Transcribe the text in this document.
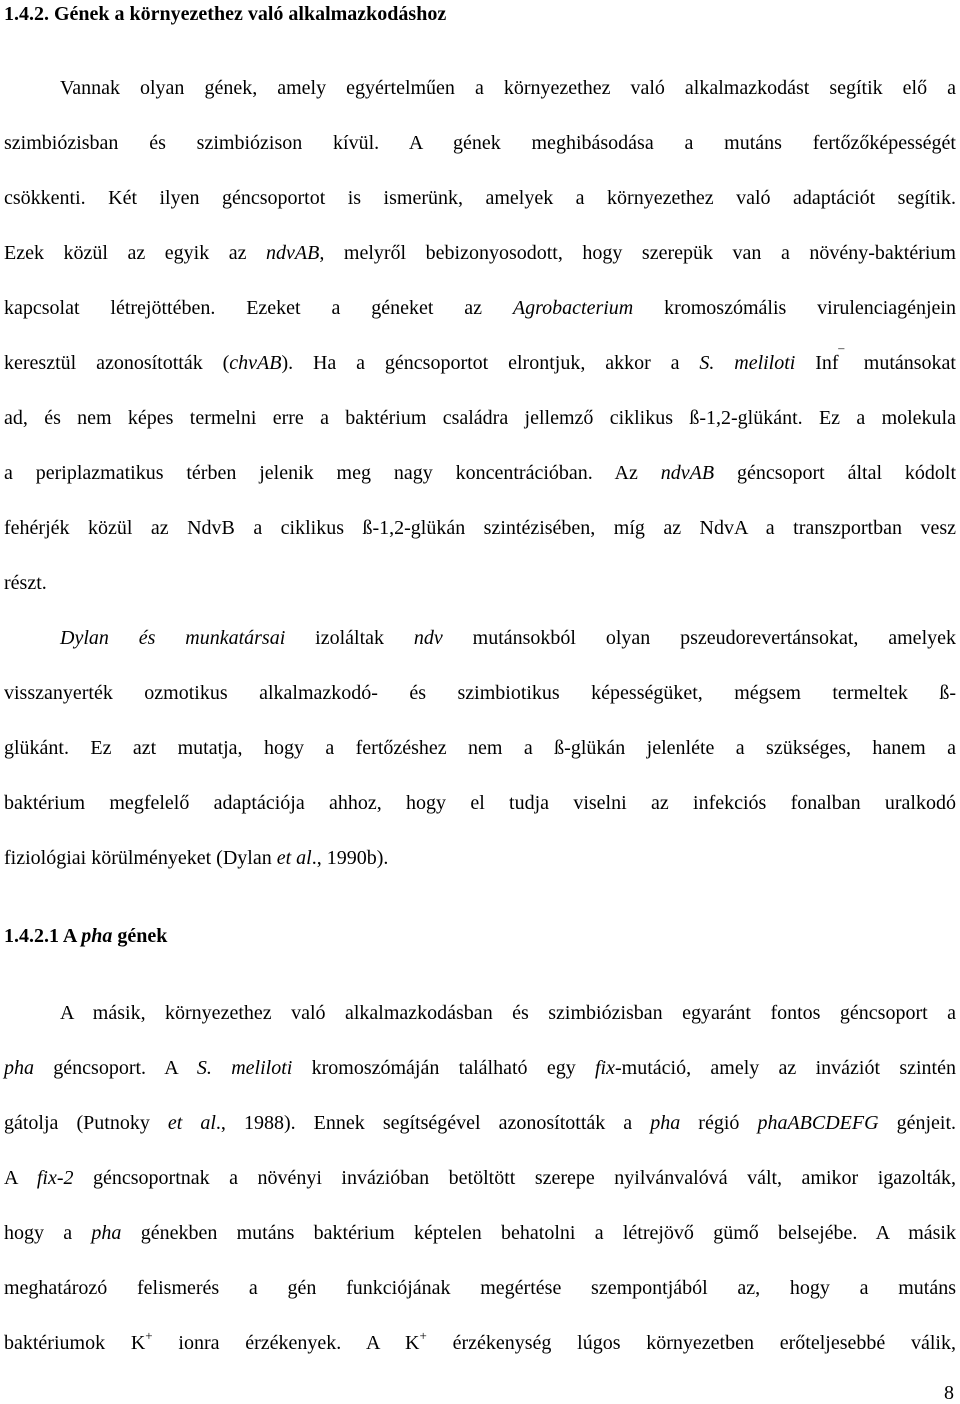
1.4.2. Gének a környezethez való alkalmazkodáshoz
Vannak olyan gének, amely egyértelműen a környezethez való alkalmazkodást segítik elő a
szimbiózisban és szimbiózison kívül. A gének meghibásodása a mutáns fertőzőképességét
csökkenti. Két ilyen géncsoportot is ismerünk, amelyek a környezethez való adaptációt segítik.
Ezek közül az egyik az ndvAB, melyről bebizonyosodott, hogy szerepük van a növény-baktérium
kapcsolat létrejöttében. Ezeket a géneket az Agrobacterium kromoszómális virulenciagénjein
keresztül azonosították (chvAB). Ha a géncsoportot elrontjuk, akkor a S. meliloti Inf‾ mutánsokat
ad, és nem képes termelni erre a baktérium családra jellemző ciklikus ß-1,2-glükánt. Ez a molekula
a periplazmatikus térben jelenik meg nagy koncentrációban. Az ndvAB géncsoport által kódolt
fehérjék közül az NdvB a ciklikus ß-1,2-glükán szintézisében, míg az NdvA a transzportban vesz
részt.
Dylan és munkatársai izoláltak ndv mutánsokból olyan pszeudorevertánsokat, amelyek
visszanyerték ozmotikus alkalmazkodó- és szimbiotikus képességüket, mégsem termeltek ß-
glükánt. Ez azt mutatja, hogy a fertőzéshez nem a ß-glükán jelenléte a szükséges, hanem a
baktérium megfelelő adaptációja ahhoz, hogy el tudja viselni az infekciós fonalban uralkodó
fiziológiai körülményeket (Dylan et al., 1990b).
1.4.2.1 A pha gének
A másik, környezethez való alkalmazkodásban és szimbiózisban egyaránt fontos géncsoport a
pha géncsoport. A S. meliloti kromoszómáján található egy fix-mutáció, amely az inváziót szintén
gátolja (Putnoky et al., 1988). Ennek segítségével azonosították a pha régió phaABCDEFG génjeit.
A fix-2 géncsoportnak a növényi invázióban betöltött szerepe nyilvánvalóvá vált, amikor igazolták,
hogy a pha génekben mutáns baktérium képtelen behatolni a létrejövő gümő belsejébe. A másik
meghatározó felismerés a gén funkciójának megértése szempontjából az, hogy a mutáns
baktériumok K+ ionra érzékenyek. A K+ érzékenység lúgos környezetben erőteljesebbé válik,
8
